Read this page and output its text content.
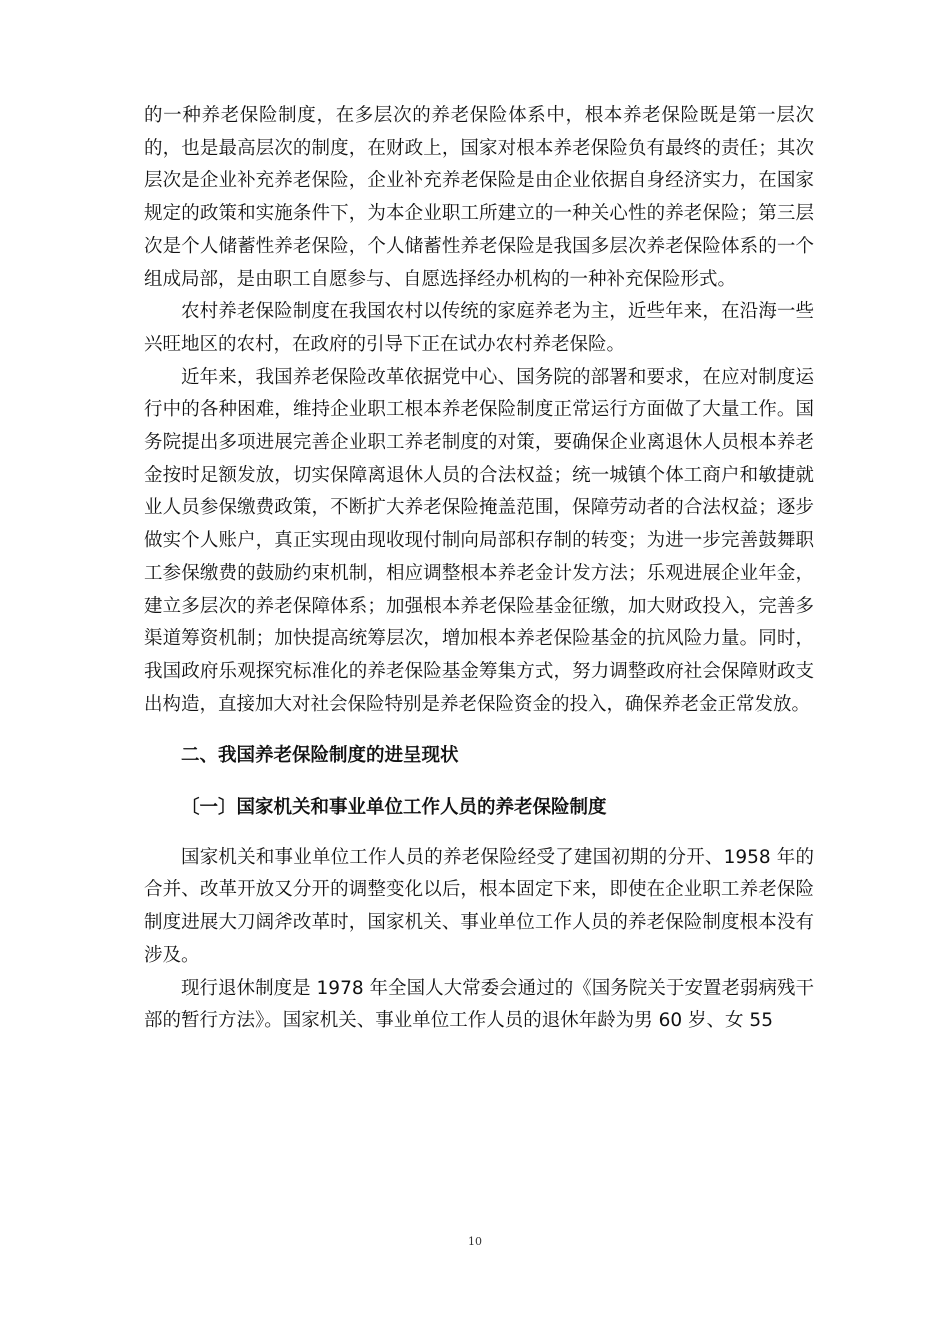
的一种养老保险制度，在多层次的养老保险体系中，根本养老保险既是第一层次的，也是最高层次的制度，在财政上，国家对根本养老保险负有最终的责任；其次层次是企业补充养老保险，企业补充养老保险是由企业依据自身经济实力，在国家规定的政策和实施条件下，为本企业职工所建立的一种关心性的养老保险；第三层次是个人储蓄性养老保险，个人储蓄性养老保险是我国多层次养老保险体系的一个组成局部，是由职工自愿参与、自愿选择经办机构的一种补充保险形式。

农村养老保险制度在我国农村以传统的家庭养老为主，近些年来，在沿海一些兴旺地区的农村，在政府的引导下正在试办农村养老保险。

近年来，我国养老保险改革依据党中心、国务院的部署和要求，在应对制度运行中的各种困难，维持企业职工根本养老保险制度正常运行方面做了大量工作。国务院提出多项进展完善企业职工养老制度的对策，要确保企业离退休人员根本养老金按时足额发放，切实保障离退休人员的合法权益；统一城镇个体工商户和敏捷就业人员参保缴费政策，不断扩大养老保险掩盖范围，保障劳动者的合法权益；逐步做实个人账户，真正实现由现收现付制向局部积存制的转变；为进一步完善鼓舞职工参保缴费的鼓励约束机制，相应调整根本养老金计发方法；乐观进展企业年金，建立多层次的养老保障体系；加强根本养老保险基金征缴，加大财政投入，完善多渠道筹资机制；加快提高统筹层次，增加根本养老保险基金的抗风险力量。同时，我国政府乐观探究标准化的养老保险基金筹集方式，努力调整政府社会保障财政支出构造，直接加大对社会保险特别是养老保险资金的投入，确保养老金正常发放。

二、我国养老保险制度的进呈现状

〔一〕国家机关和事业单位工作人员的养老保险制度

国家机关和事业单位工作人员的养老保险经受了建国初期的分开、1958 年的合并、改革开放又分开的调整变化以后，根本固定下来，即使在企业职工养老保险制度进展大刀阔斧改革时，国家机关、事业单位工作人员的养老保险制度根本没有涉及。

现行退休制度是 1978 年全国人大常委会通过的《国务院关于安置老弱病残干部的暂行方法》。国家机关、事业单位工作人员的退休年龄为男 60 岁、女 55

10
